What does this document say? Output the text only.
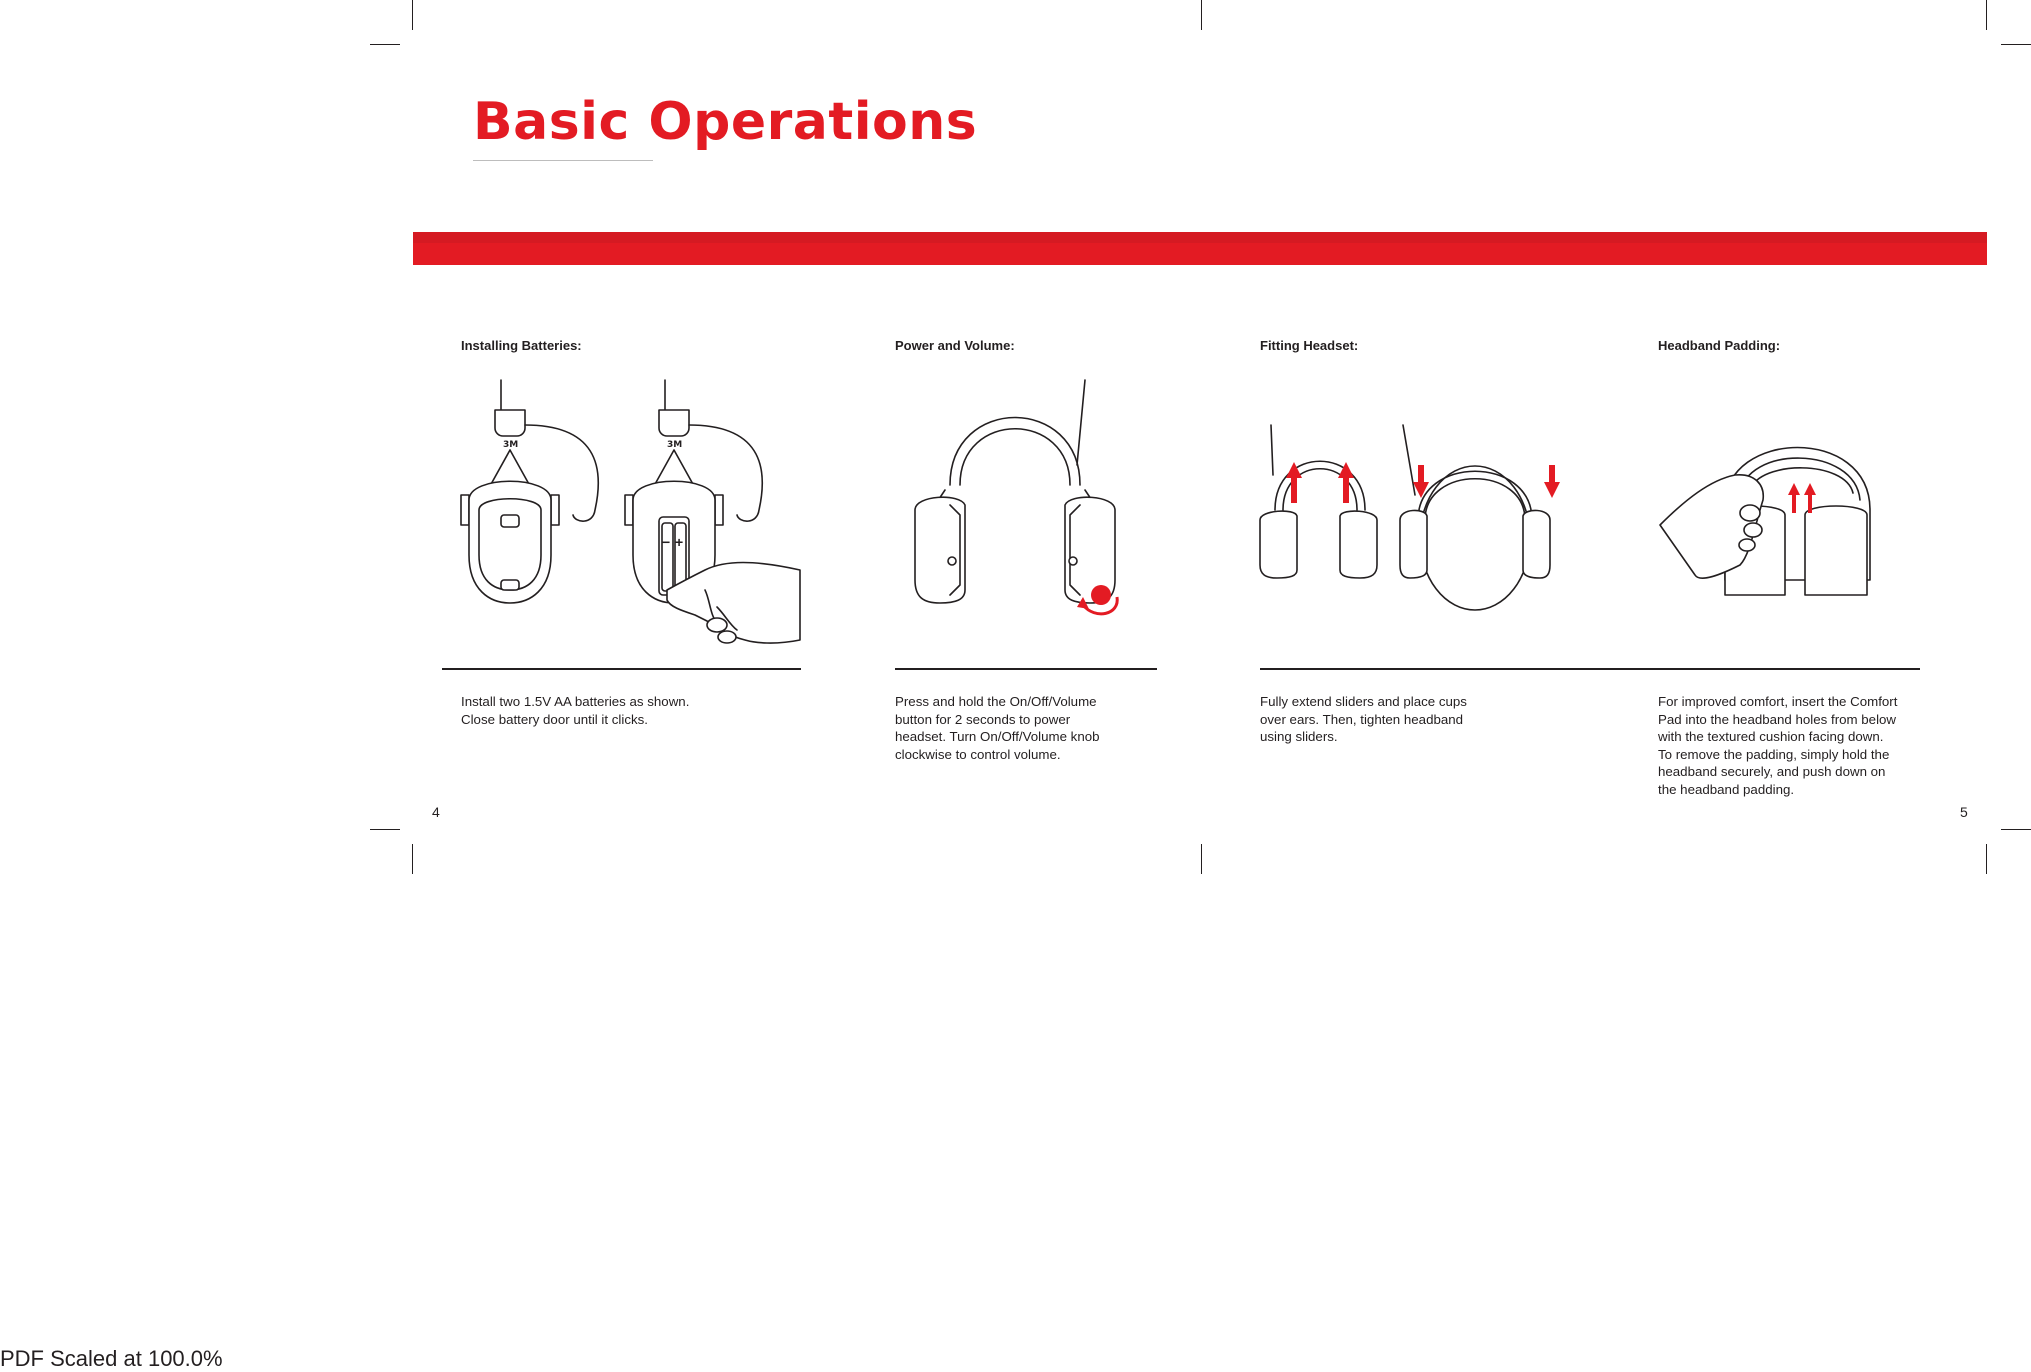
Basic Operations
Installing Batteries:	Power and Volume:	Fitting Headset:	Headband Padding:
3M	3M
− +
Install two 1.5V AA batteries as shown.
Close battery door until it clicks.
Press and hold the On/Off/Volume
button for 2 seconds to power
headset. Turn On/Off/Volume knob
clockwise to control volume.
Fully extend sliders and place cups
over ears. Then, tighten headband
using sliders.
For improved comfort, insert the Comfort
Pad into the headband holes from below
with the textured cushion facing down.
To remove the padding, simply hold the
headband securely, and push down on
the headband padding.
4	5
PDF Scaled at 100.0%
